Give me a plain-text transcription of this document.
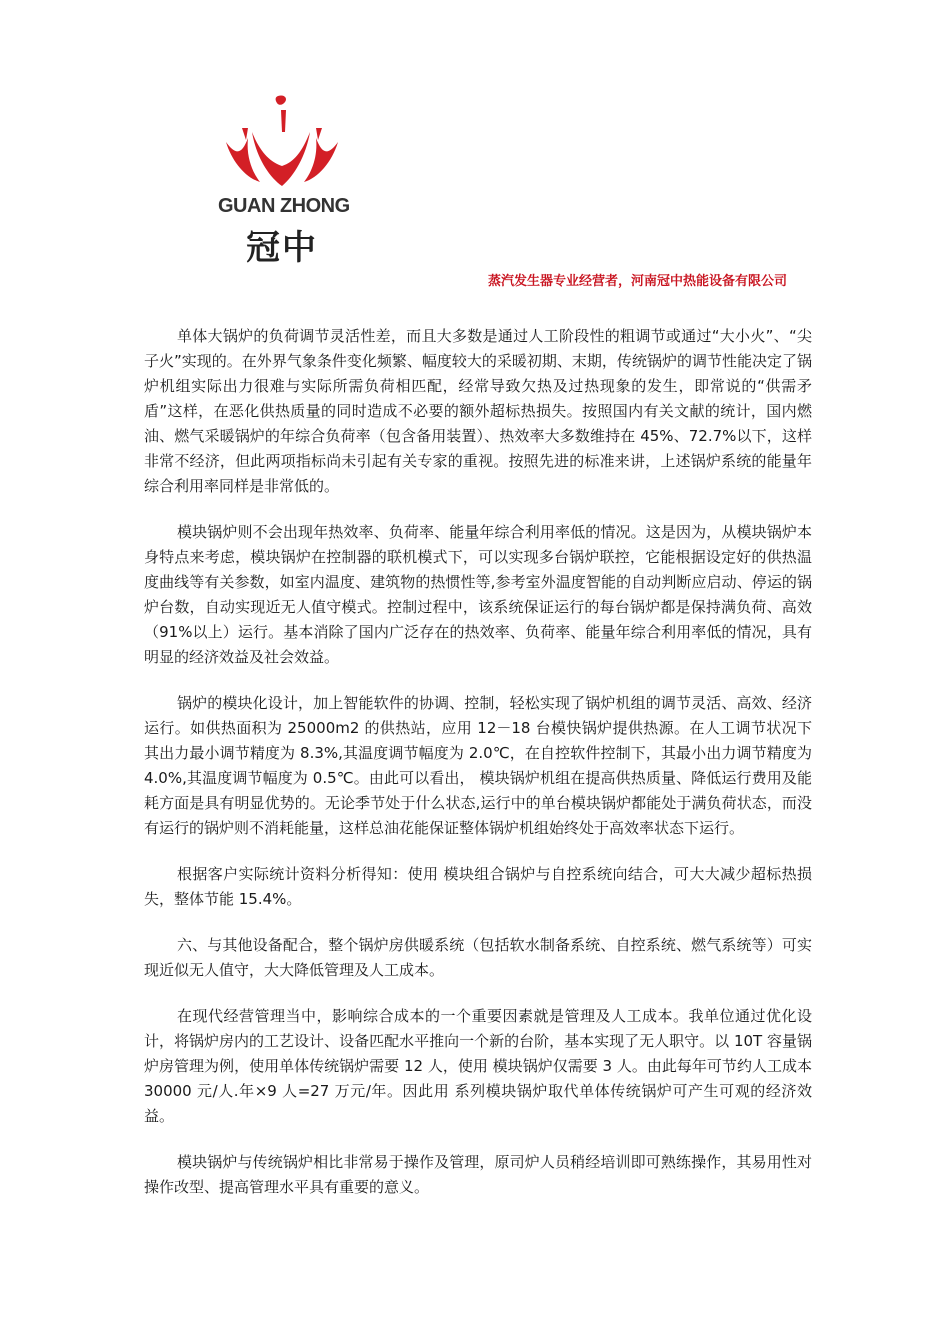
GUAN ZHONG
冠中
蒸汽发生器专业经营者，河南冠中热能设备有限公司

单体大锅炉的负荷调节灵活性差，而且大多数是通过人工阶段性的粗调节或通过“大小火”、“尖子火”实现的。在外界气象条件变化频繁、幅度较大的采暖初期、末期，传统锅炉的调节性能决定了锅炉机组实际出力很难与实际所需负荷相匹配，经常导致欠热及过热现象的发生，即常说的“供需矛盾”这样，在恶化供热质量的同时造成不必要的额外超标热损失。按照国内有关文献的统计，国内燃油、燃气采暖锅炉的年综合负荷率（包含备用装置）、热效率大多数维持在 45%、72.7%以下，这样非常不经济，但此两项指标尚未引起有关专家的重视。按照先进的标准来讲，上述锅炉系统的能量年综合利用率同样是非常低的。

模块锅炉则不会出现年热效率、负荷率、能量年综合利用率低的情况。这是因为，从模块锅炉本身特点来考虑，模块锅炉在控制器的联机模式下，可以实现多台锅炉联控，它能根据设定好的供热温度曲线等有关参数，如室内温度、建筑物的热惯性等,参考室外温度智能的自动判断应启动、停运的锅炉台数，自动实现近无人值守模式。控制过程中，该系统保证运行的每台锅炉都是保持满负荷、高效（91%以上）运行。基本消除了国内广泛存在的热效率、负荷率、能量年综合利用率低的情况，具有明显的经济效益及社会效益。

锅炉的模块化设计，加上智能软件的协调、控制，轻松实现了锅炉机组的调节灵活、高效、经济运行。如供热面积为 25000m2 的供热站，应用 12－18 台模快锅炉提供热源。在人工调节状况下其出力最小调节精度为 8.3%,其温度调节幅度为 2.0℃，在自控软件控制下，其最小出力调节精度为 4.0%,其温度调节幅度为 0.5℃。由此可以看出， 模块锅炉机组在提高供热质量、降低运行费用及能耗方面是具有明显优势的。无论季节处于什么状态,运行中的单台模块锅炉都能处于满负荷状态，而没有运行的锅炉则不消耗能量，这样总油花能保证整体锅炉机组始终处于高效率状态下运行。

根据客户实际统计资料分析得知：使用 模块组合锅炉与自控系统向结合，可大大减少超标热损失，整体节能 15.4%。

六、与其他设备配合，整个锅炉房供暖系统（包括软水制备系统、自控系统、燃气系统等）可实现近似无人值守，大大降低管理及人工成本。

在现代经营管理当中，影响综合成本的一个重要因素就是管理及人工成本。我单位通过优化设计，将锅炉房内的工艺设计、设备匹配水平推向一个新的台阶，基本实现了无人职守。以 10T 容量锅炉房管理为例，使用单体传统锅炉需要 12 人，使用 模块锅炉仅需要 3 人。由此每年可节约人工成本 30000 元/人.年×9 人=27 万元/年。因此用 系列模块锅炉取代单体传统锅炉可产生可观的经济效益。

模块锅炉与传统锅炉相比非常易于操作及管理，原司炉人员稍经培训即可熟练操作，其易用性对操作改型、提高管理水平具有重要的意义。
